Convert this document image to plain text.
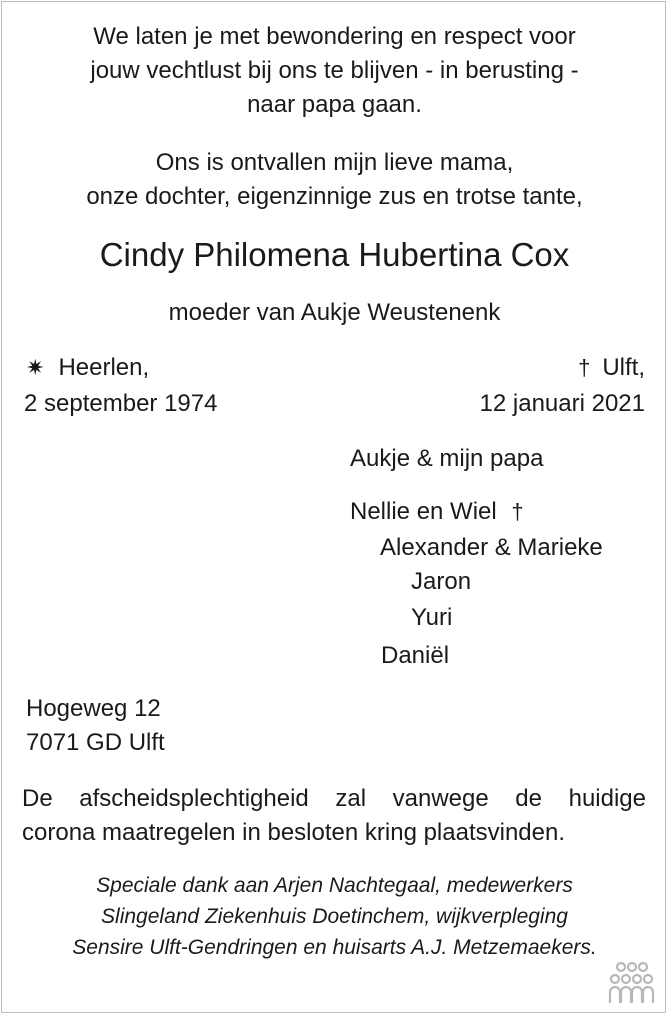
We laten je met bewondering en respect voor

jouw vechtlust bij ons te blijven - in berusting -

naar papa gaan.

Ons is ontvallen mijn lieve mama,

onze dochter, eigenzinnige zus en trotse tante,

Cindy Philomena Hubertina Cox

moeder van Aukje Weustenenk

✷ Heerlen,
2 september 1974
† Ulft,
12 januari 2021
Aukje & mijn papa
Nellie en Wiel †
Alexander & Marieke
Jaron
Yuri
Daniël

Hogeweg 12

7071 GD Ulft

De afscheidsplechtigheid zal vanwege de huidige
corona maatregelen in besloten kring plaatsvinden.

Speciale dank aan Arjen Nachtegaal, medewerkers

Slingeland Ziekenhuis Doetinchem, wijkverpleging

Sensire Ulft-Gendringen en huisarts A.J. Metzemaekers.
